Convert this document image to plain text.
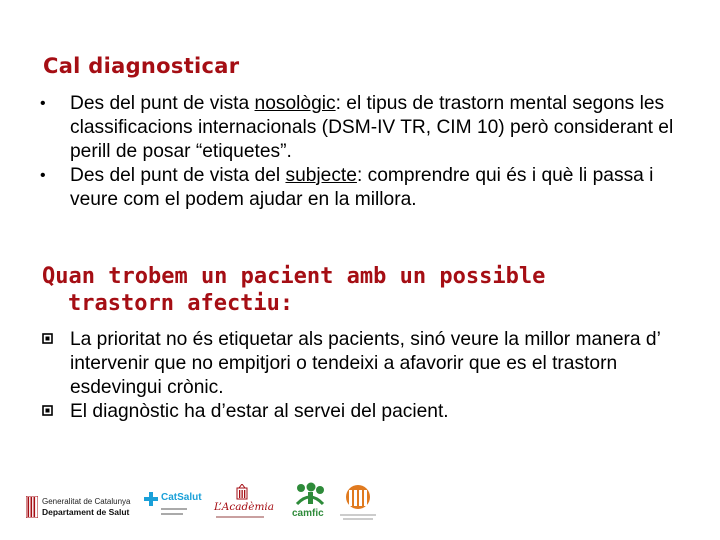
Cal diagnosticar
•	Des del punt de vista nosològic: el tipus de trastorn mental segons les classificacions internacionals (DSM-IV TR, CIM 10) però considerant el perill de posar “etiquetes”.
•	Des del punt de vista del subjecte: comprendre qui és i què li passa i veure com el podem ajudar en la millora.
Quan trobem un pacient amb un possible
trastorn afectiu:
La prioritat no és etiquetar als pacients, sinó veure la millor manera d’ intervenir que no empitjori o tendeixi a afavorir que es el trastorn esdevingui crònic.
El diagnòstic ha d’estar al servei del pacient.
Generalitat de Catalunya
Departament de Salut
CatSalut
L’Acadèmia
camfic
